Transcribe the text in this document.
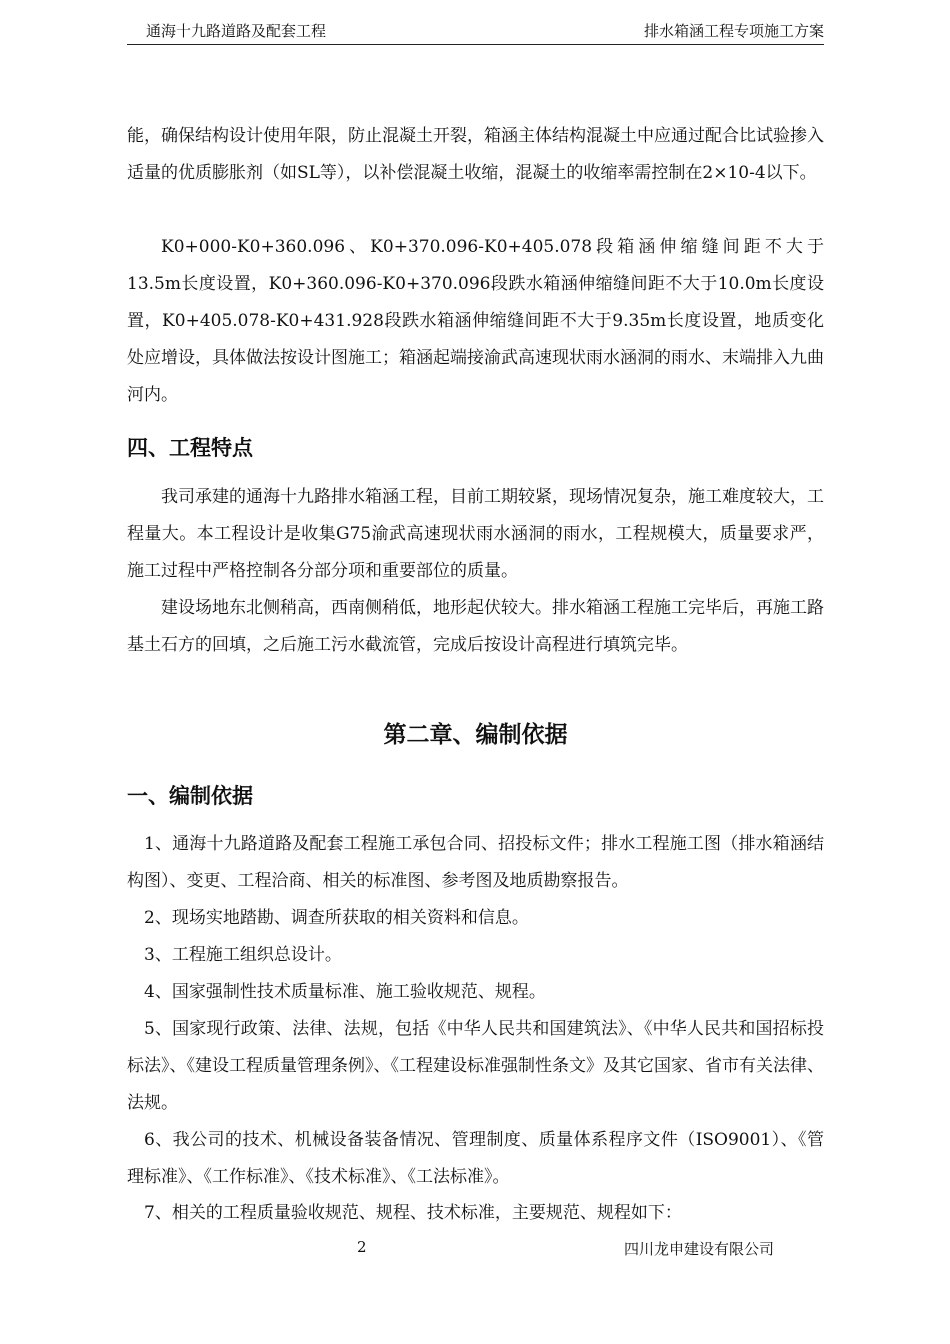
通海十九路道路及配套工程	排水箱涵工程专项施工方案

能，确保结构设计使用年限，防止混凝土开裂，箱涵主体结构混凝土中应通过配合比试验掺入适量的优质膨胀剂（如SL等），以补偿混凝土收缩，混凝土的收缩率需控制在2×10-4以下。

K0+000-K0+360.096、K0+370.096-K0+405.078段箱涵伸缩缝间距不大于13.5m长度设置，K0+360.096-K0+370.096段跌水箱涵伸缩缝间距不大于10.0m长度设置，K0+405.078-K0+431.928段跌水箱涵伸缩缝间距不大于9.35m长度设置，地质变化处应增设，具体做法按设计图施工；箱涵起端接渝武高速现状雨水涵洞的雨水、末端排入九曲河内。

四、工程特点

我司承建的通海十九路排水箱涵工程，目前工期较紧，现场情况复杂，施工难度较大，工程量大。本工程设计是收集G75渝武高速现状雨水涵洞的雨水，工程规模大，质量要求严，施工过程中严格控制各分部分项和重要部位的质量。

建设场地东北侧稍高，西南侧稍低，地形起伏较大。排水箱涵工程施工完毕后，再施工路基土石方的回填，之后施工污水截流管，完成后按设计高程进行填筑完毕。

第二章、编制依据
一、编制依据

1、通海十九路道路及配套工程施工承包合同、招投标文件；排水工程施工图（排水箱涵结构图）、变更、工程洽商、相关的标准图、参考图及地质勘察报告。

2、现场实地踏勘、调查所获取的相关资料和信息。

3、工程施工组织总设计。

4、国家强制性技术质量标准、施工验收规范、规程。

5、国家现行政策、法律、法规，包括《中华人民共和国建筑法》、《中华人民共和国招标投标法》、《建设工程质量管理条例》、《工程建设标准强制性条文》及其它国家、省市有关法律、法规。

6、我公司的技术、机械设备装备情况、管理制度、质量体系程序文件（ISO9001）、《管理标准》、《工作标准》、《技术标准》、《工法标准》。

7、相关的工程质量验收规范、规程、技术标准，主要规范、规程如下：

2	四川龙申建设有限公司
